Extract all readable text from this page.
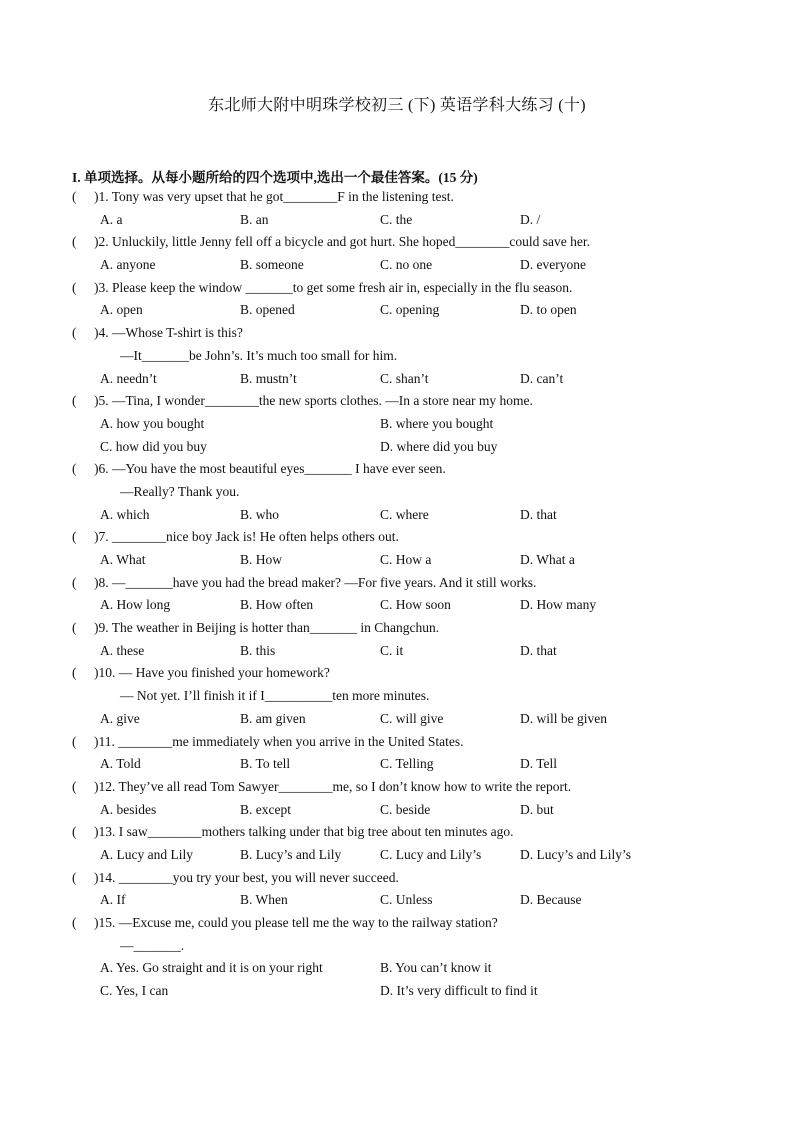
东北师大附中明珠学校初三 (下) 英语学科大练习 (十)
I. 单项选择。从每小题所给的四个选项中,选出一个最佳答案。(15 分)
( )1. Tony was very upset that he got________F in the listening test.
A. a	B. an	C. the	D. /
( )2. Unluckily, little Jenny fell off a bicycle and got hurt. She hoped________could save her.
A. anyone	B. someone	C. no one	D. everyone
( )3. Please keep the window _______to get some fresh air in, especially in the flu season.
A. open	B. opened	C. opening	D. to open
( )4. —Whose T-shirt is this?
—It_______be John’s. It’s much too small for him.
A. needn’t	B. mustn’t	C. shan’t	D. can’t
( )5. —Tina, I wonder________the new sports clothes. —In a store near my home.
A. how you bought	B. where you bought
C. how did you buy	D. where did you buy
( )6. —You have the most beautiful eyes_______ I have ever seen.
—Really? Thank you.
A. which	B. who	C. where	D. that
( )7. ________nice boy Jack is! He often helps others out.
A. What	B. How	C. How a	D. What a
( )8. —_______have you had the bread maker? —For five years. And it still works.
A. How long	B. How often	C. How soon	D. How many
( )9. The weather in Beijing is hotter than_______ in Changchun.
A. these	B. this	C. it	D. that
( )10. — Have you finished your homework?
— Not yet. I’ll finish it if I__________ten more minutes.
A. give	B. am given	C. will give	D. will be given
( )11. ________me immediately when you arrive in the United States.
A. Told	B. To tell	C. Telling	D. Tell
( )12. They’ve all read Tom Sawyer________me, so I don’t know how to write the report.
A. besides	B. except	C. beside	D. but
( )13. I saw________mothers talking under that big tree about ten minutes ago.
A. Lucy and Lily	B. Lucy’s and Lily	C. Lucy and Lily’s	D. Lucy’s and Lily’s
( )14. ________you try your best, you will never succeed.
A. If	B. When	C. Unless	D. Because
( )15. —Excuse me, could you please tell me the way to the railway station?
—_______.
A. Yes. Go straight and it is on your right	B. You can’t know it
C. Yes, I can	D. It’s very difficult to find it
